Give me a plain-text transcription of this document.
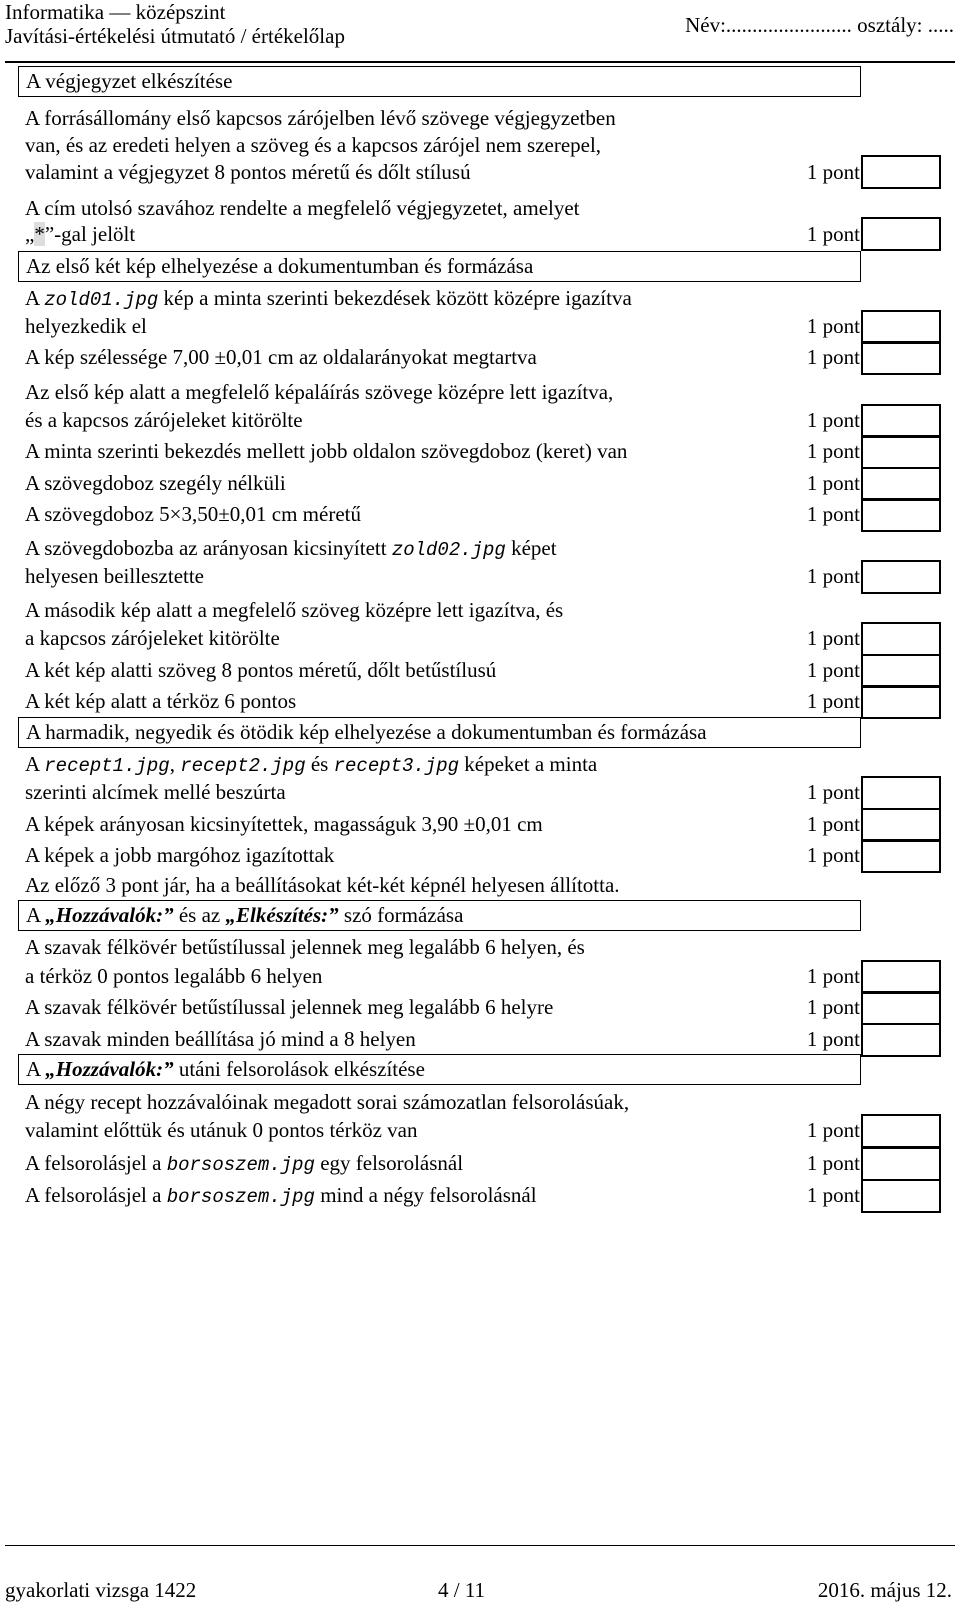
Informatika — középszint
Javítási-értékelési útmutató / értékelőlap	Név:........................ osztály: .....
A végjegyzet elkészítése
A forrásállomány első kapcsos zárójelben lévő szövege végjegyzetben
van, és az eredeti helyen a szöveg és a kapcsos zárójel nem szerepel,
valamint a végjegyzet 8 pontos méretű és dőlt stílusú	1 pont
A cím utolsó szavához rendelte a megfelelő végjegyzetet, amelyet
„*”-gal jelölt	1 pont
Az első két kép elhelyezése a dokumentumban és formázása
A zold01.jpg kép a minta szerinti bekezdések között középre igazítva
helyezkedik el	1 pont
A kép szélessége 7,00 ±0,01 cm az oldalarányokat megtartva	1 pont
Az első kép alatt a megfelelő képaláírás szövege középre lett igazítva,
és a kapcsos zárójeleket kitörölte	1 pont
A minta szerinti bekezdés mellett jobb oldalon szövegdoboz (keret) van	1 pont
A szövegdoboz szegély nélküli	1 pont
A szövegdoboz 5×3,50±0,01 cm méretű	1 pont
A szövegdobozba az arányosan kicsinyített zold02.jpg képet
helyesen beillesztette	1 pont
A második kép alatt a megfelelő szöveg középre lett igazítva, és
a kapcsos zárójeleket kitörölte	1 pont
A két kép alatti szöveg 8 pontos méretű, dőlt betűstílusú	1 pont
A két kép alatt a térköz 6 pontos	1 pont
A harmadik, negyedik és ötödik kép elhelyezése a dokumentumban és formázása
A recept1.jpg, recept2.jpg és recept3.jpg képeket a minta
szerinti alcímek mellé beszúrta	1 pont
A képek arányosan kicsinyítettek, magasságuk 3,90 ±0,01 cm	1 pont
A képek a jobb margóhoz igazítottak	1 pont
Az előző 3 pont jár, ha a beállításokat két-két képnél helyesen állította.
A „Hozzávalók:” és az „Elkészítés:” szó formázása
A szavak félkövér betűstílussal jelennek meg legalább 6 helyen, és
a térköz 0 pontos legalább 6 helyen	1 pont
A szavak félkövér betűstílussal jelennek meg legalább 6 helyre	1 pont
A szavak minden beállítása jó mind a 8 helyen	1 pont
A „Hozzávalók:” utáni felsorolások elkészítése
A négy recept hozzávalóinak megadott sorai számozatlan felsorolásúak,
valamint előttük és utánuk 0 pontos térköz van	1 pont
A felsorolásjel a borsoszem.jpg egy felsorolásnál	1 pont
A felsorolásjel a borsoszem.jpg mind a négy felsorolásnál	1 pont
gyakorlati vizsga 1422	4 / 11	2016. május 12.
